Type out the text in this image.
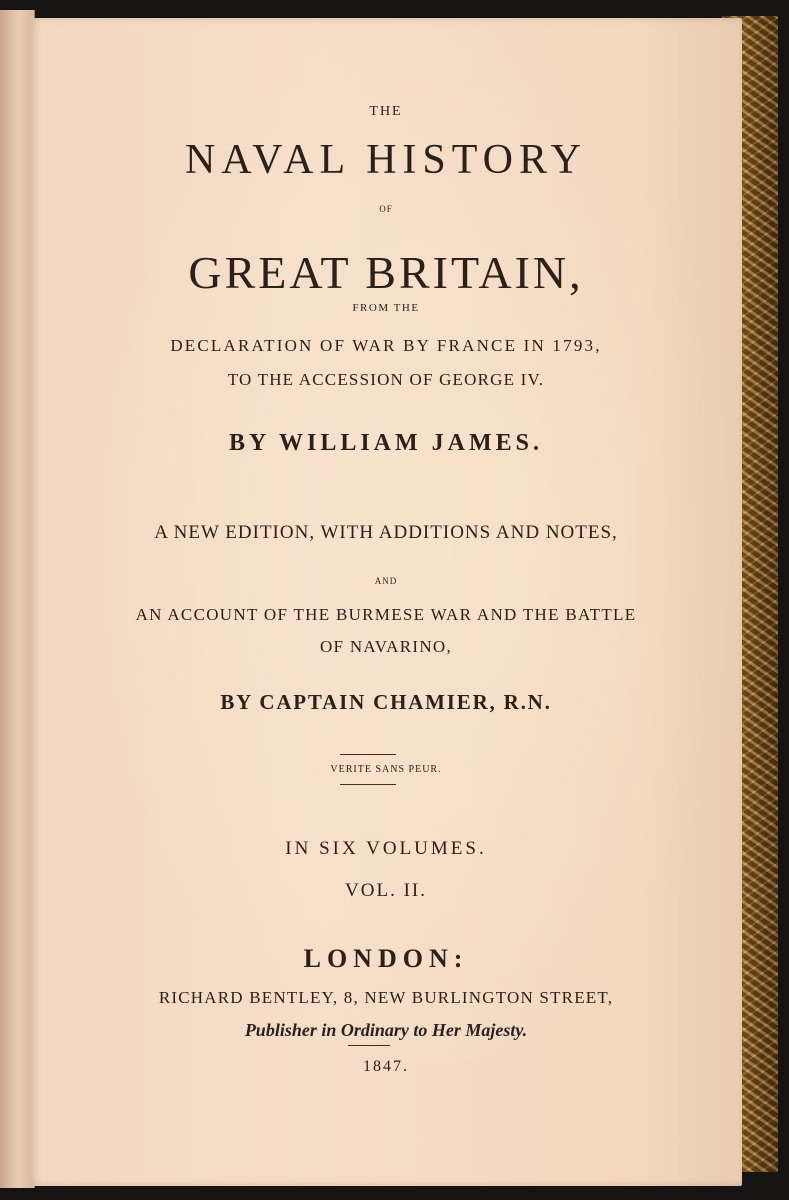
THE
NAVAL HISTORY
OF
GREAT BRITAIN,
FROM THE
DECLARATION OF WAR BY FRANCE IN 1793,
TO THE ACCESSION OF GEORGE IV.
BY WILLIAM JAMES.
A NEW EDITION, WITH ADDITIONS AND NOTES,
AND
AN ACCOUNT OF THE BURMESE WAR AND THE BATTLE
OF NAVARINO,
BY CAPTAIN CHAMIER, R.N.
VERITE SANS PEUR.
IN SIX VOLUMES.
VOL. II.
LONDON:
RICHARD BENTLEY, 8, NEW BURLINGTON STREET,
Publisher in Ordinary to Her Majesty.
1847.
